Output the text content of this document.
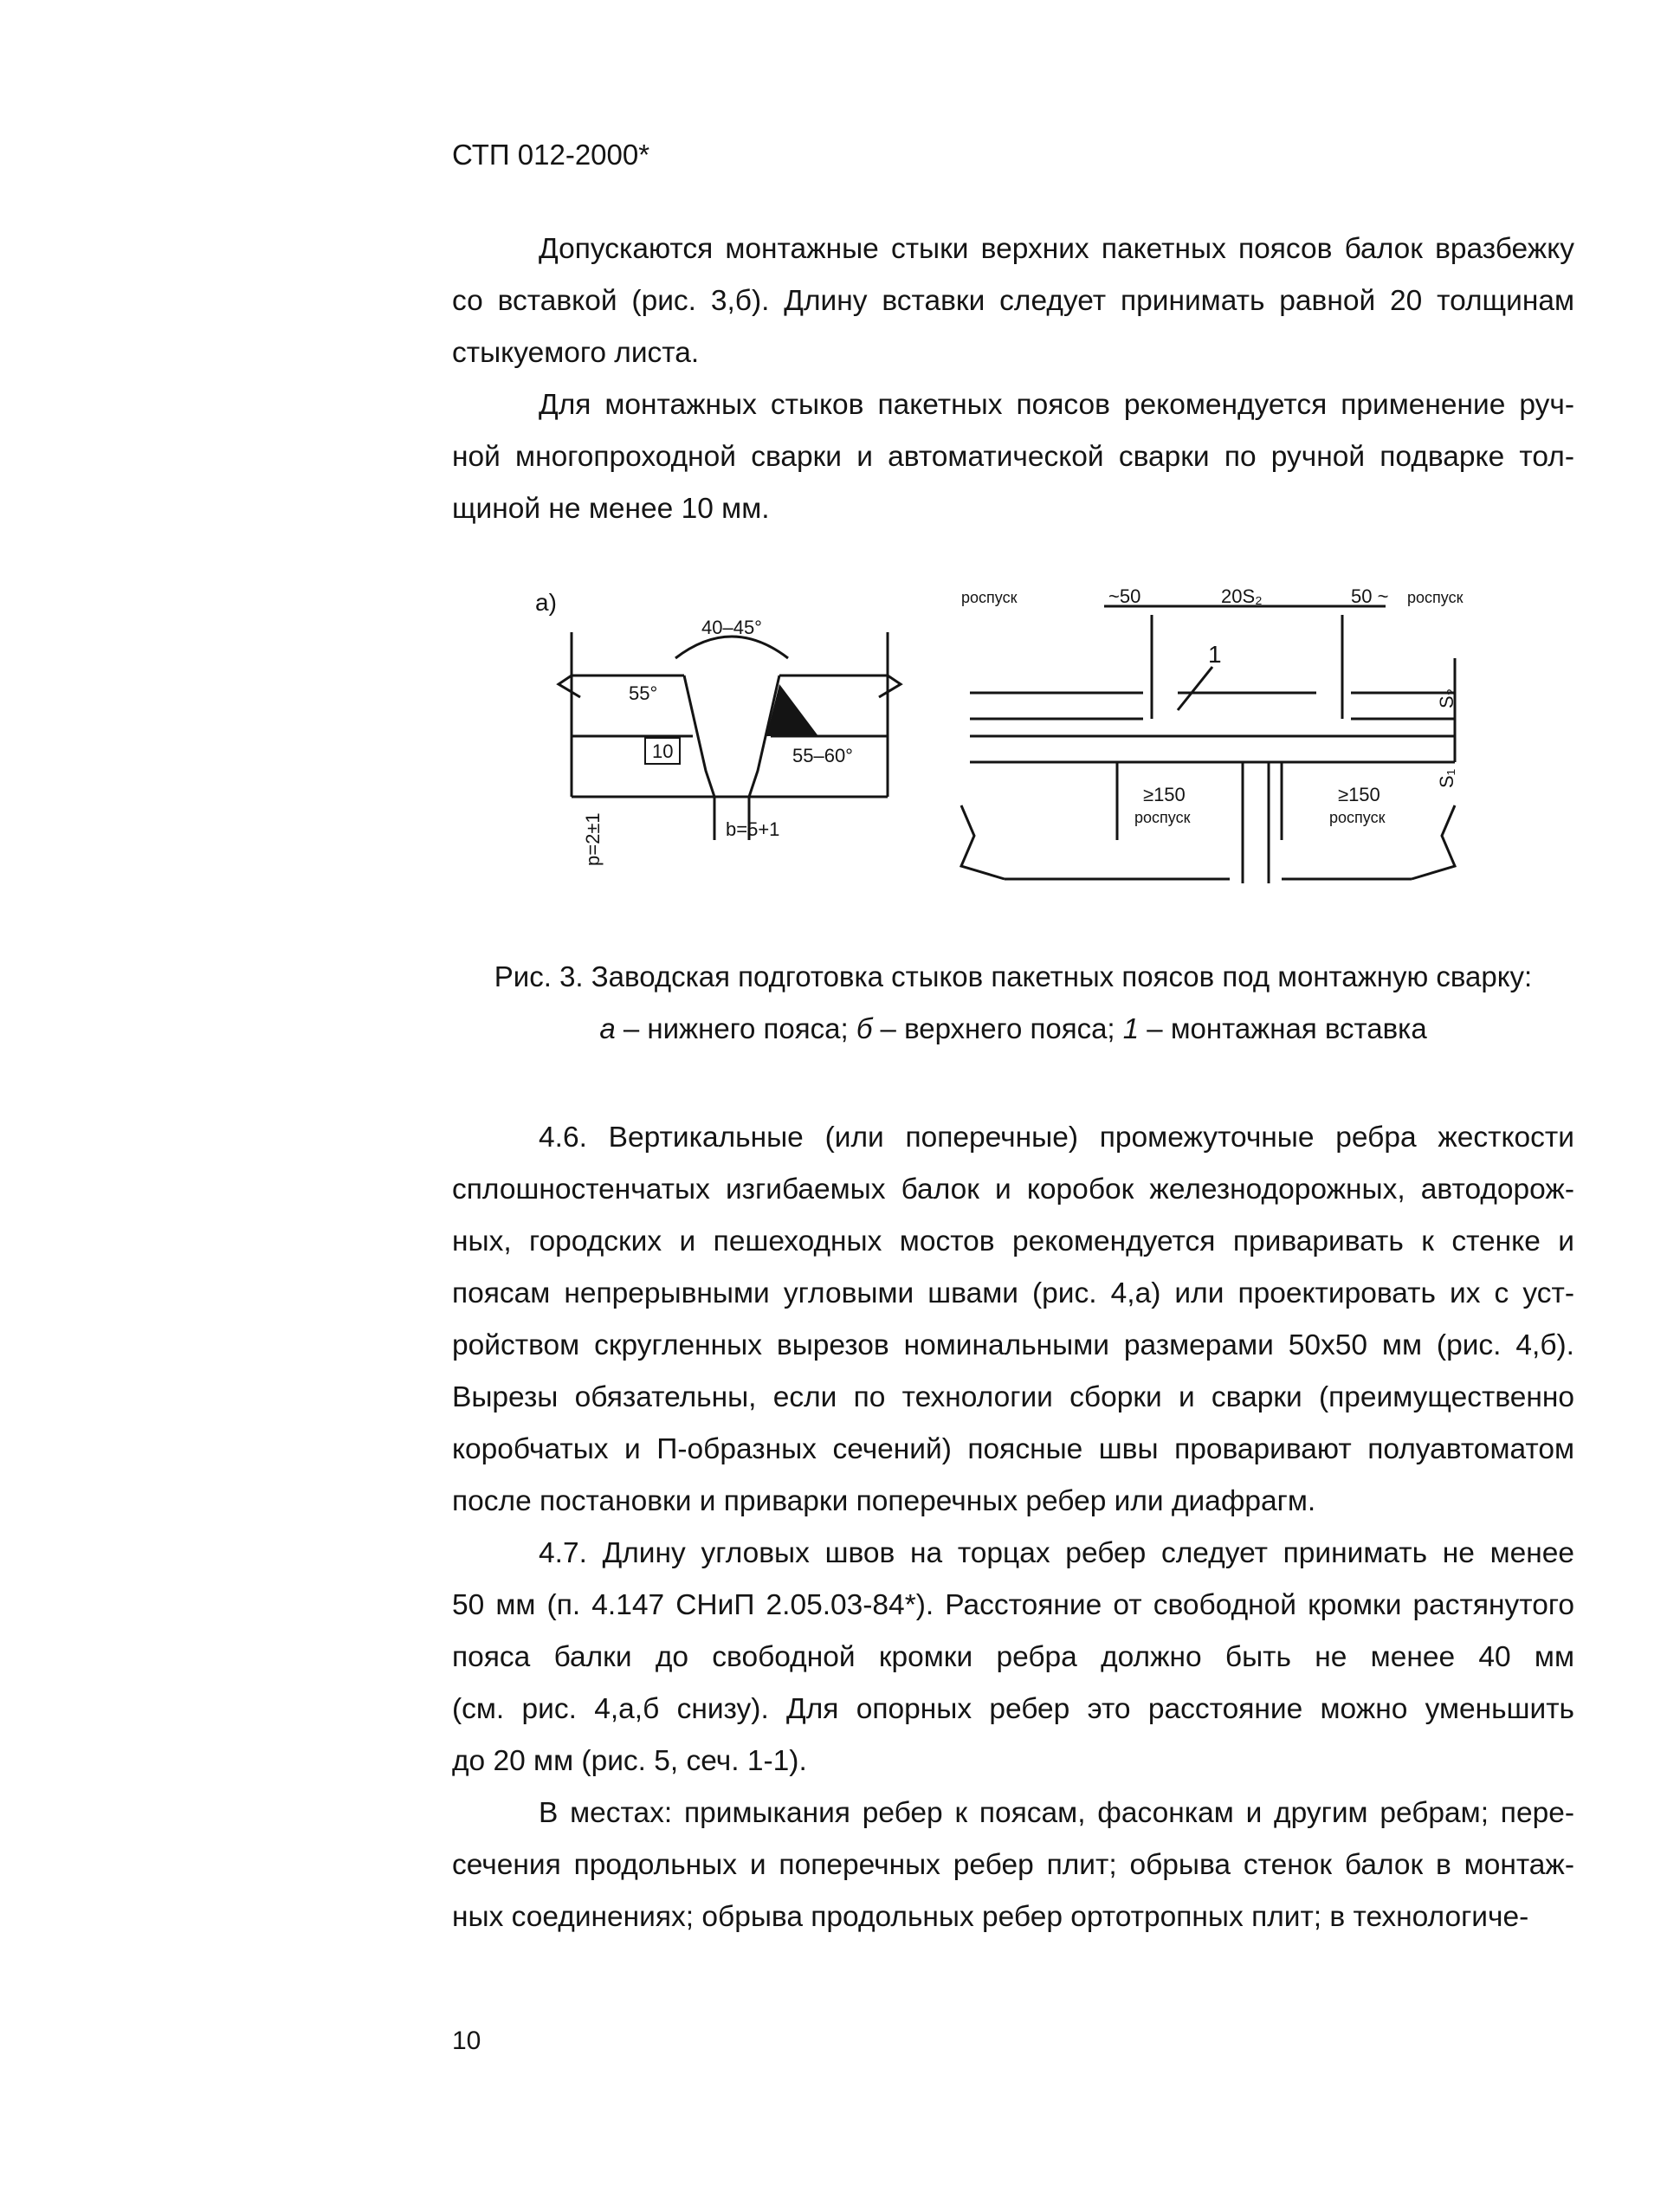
СТП 012-2000*
Допускаются монтажные стыки верхних пакетных поясов балок вразбежку
со вставкой (рис. 3,б). Длину вставки следует принимать равной 20 толщинам
стыкуемого листа.
Для монтажных стыков пакетных поясов рекомендуется применение руч-
ной многопроходной сварки и автоматической сварки по ручной подварке тол-
щиной не менее 10 мм.
а)
40–45°
55°
10	55–60°
b=5+1
p=2±1
роспуск	~50	20S₂	50 ~ роспуск
1
S₂
S₁
≥150
роспуск
≥150
роспуск
Рис. 3. Заводская подготовка стыков пакетных поясов под монтажную сварку:
а – нижнего пояса; б – верхнего пояса; 1 – монтажная вставка
4.6. Вертикальные (или поперечные) промежуточные ребра жесткости
сплошностенчатых изгибаемых балок и коробок железнодорожных, автодорож-
ных, городских и пешеходных мостов рекомендуется приваривать к стенке и
поясам непрерывными угловыми швами (рис. 4,а) или проектировать их с уст-
ройством скругленных вырезов номинальными размерами 50х50 мм (рис. 4,б).
Вырезы обязательны, если по технологии сборки и сварки (преимущественно
коробчатых и П-образных сечений) поясные швы проваривают полуавтоматом
после постановки и приварки поперечных ребер или диафрагм.
4.7. Длину угловых швов на торцах ребер следует принимать не менее
50 мм (п. 4.147 СНиП 2.05.03-84*). Расстояние от свободной кромки растянутого
пояса балки до свободной кромки ребра должно быть не менее 40 мм
(см. рис. 4,а,б снизу). Для опорных ребер это расстояние можно уменьшить
до 20 мм (рис. 5, сеч. 1-1).
В местах: примыкания ребер к поясам, фасонкам и другим ребрам; пере-
сечения продольных и поперечных ребер плит; обрыва стенок балок в монтаж-
ных соединениях; обрыва продольных ребер ортотропных плит; в технологиче-
10
